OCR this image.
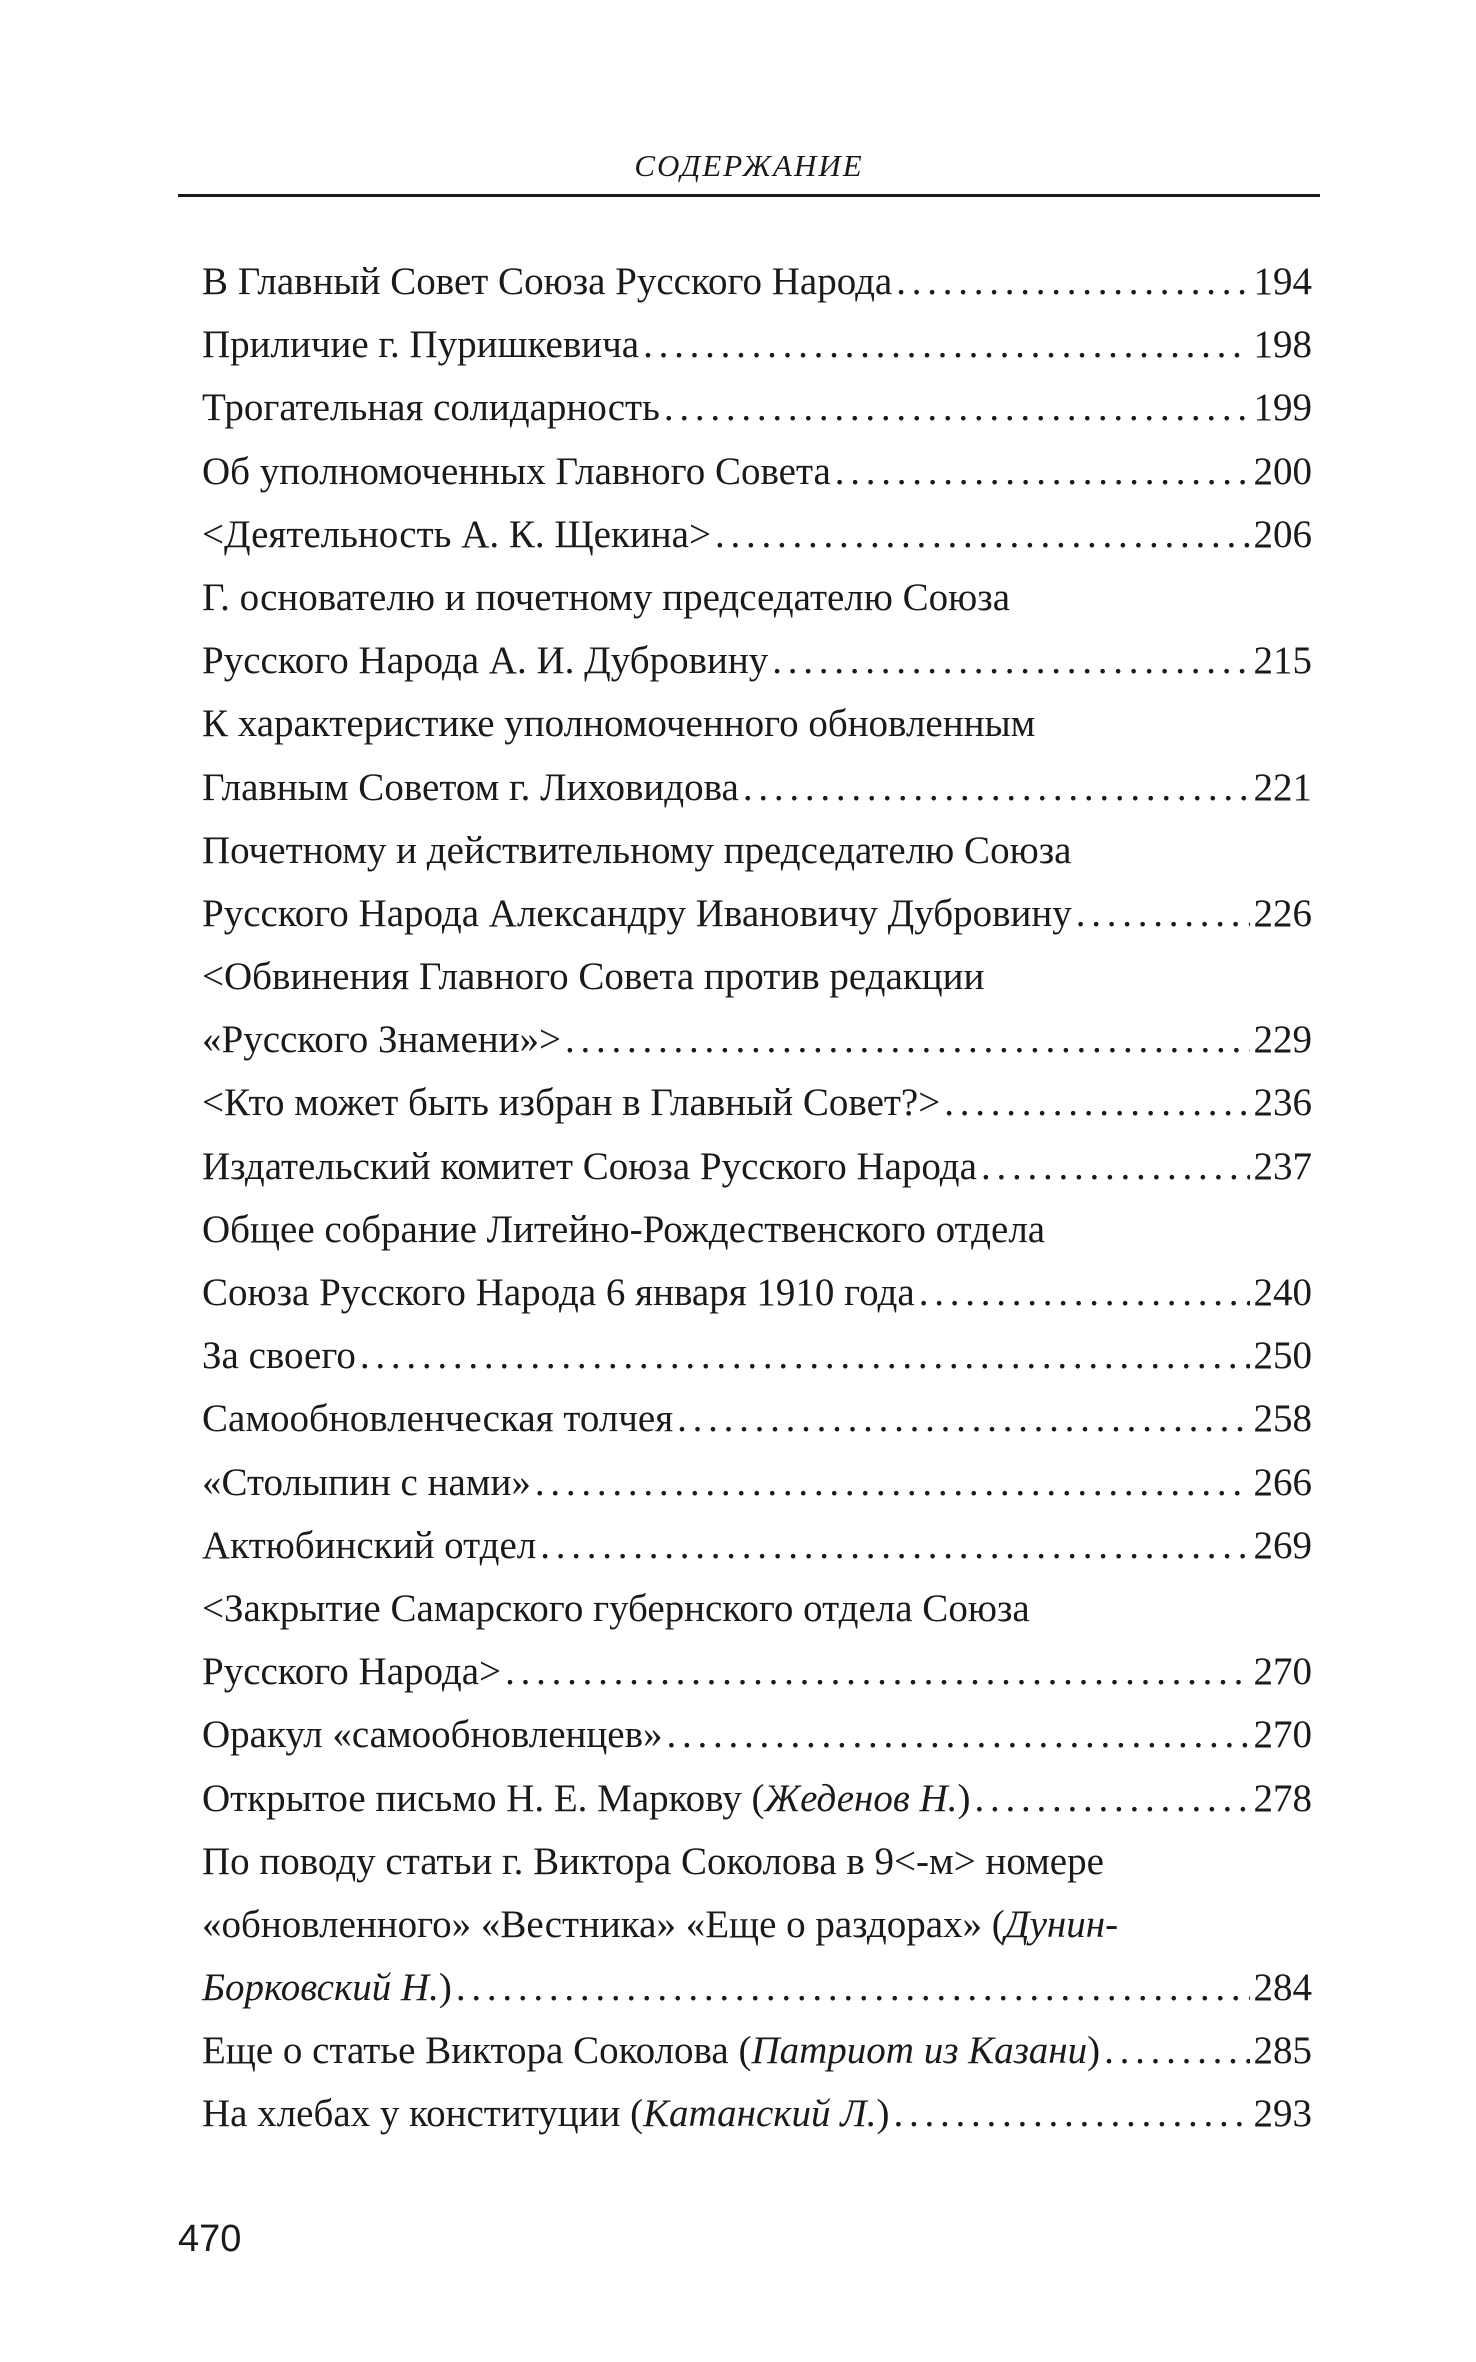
СОДЕРЖАНИЕ
В Главный Совет Союза Русского Народа . . .	194
Приличие г. Пуришкевича . . .	198
Трогательная солидарность . . .	199
Об уполномоченных Главного Совета . . .	200
<Деятельность А. К. Щекина> . . .	206
Г. основателю и почетному председателю Союза
Русского Народа А. И. Дубровину . . .	215
К характеристике уполномоченного обновленным
Главным Советом г. Лиховидова . . .	221
Почетному и действительному председателю Союза
Русского Народа Александру Ивановичу Дубровину . . .	226
<Обвинения Главного Совета против редакции
«Русского Знамени»> . . .	229
<Кто может быть избран в Главный Совет?> . . .	236
Издательский комитет Союза Русского Народа . . .	237
Общее собрание Литейно-Рождественского отдела
Союза Русского Народа 6 января 1910 года . . .	240
За своего . . .	250
Самообновленческая толчея . . .	258
«Столыпин с нами» . . .	266
Актюбинский отдел . . .	269
<Закрытие Самарского губернского отдела Союза
Русского Народа> . . .	270
Оракул «самообновленцев» . . .	270
Открытое письмо Н. Е. Маркову (Жеденов Н.) . . .	278
По поводу статьи г. Виктора Соколова в 9<-м> номере
«обновленного» «Вестника» «Еще о раздорах» (Дунин-
Борковский Н.) . . .	284
Еще о статье Виктора Соколова (Патриот из Казани) . . .	285
На хлебах у конституции (Катанский Л.) . . .	293
470
